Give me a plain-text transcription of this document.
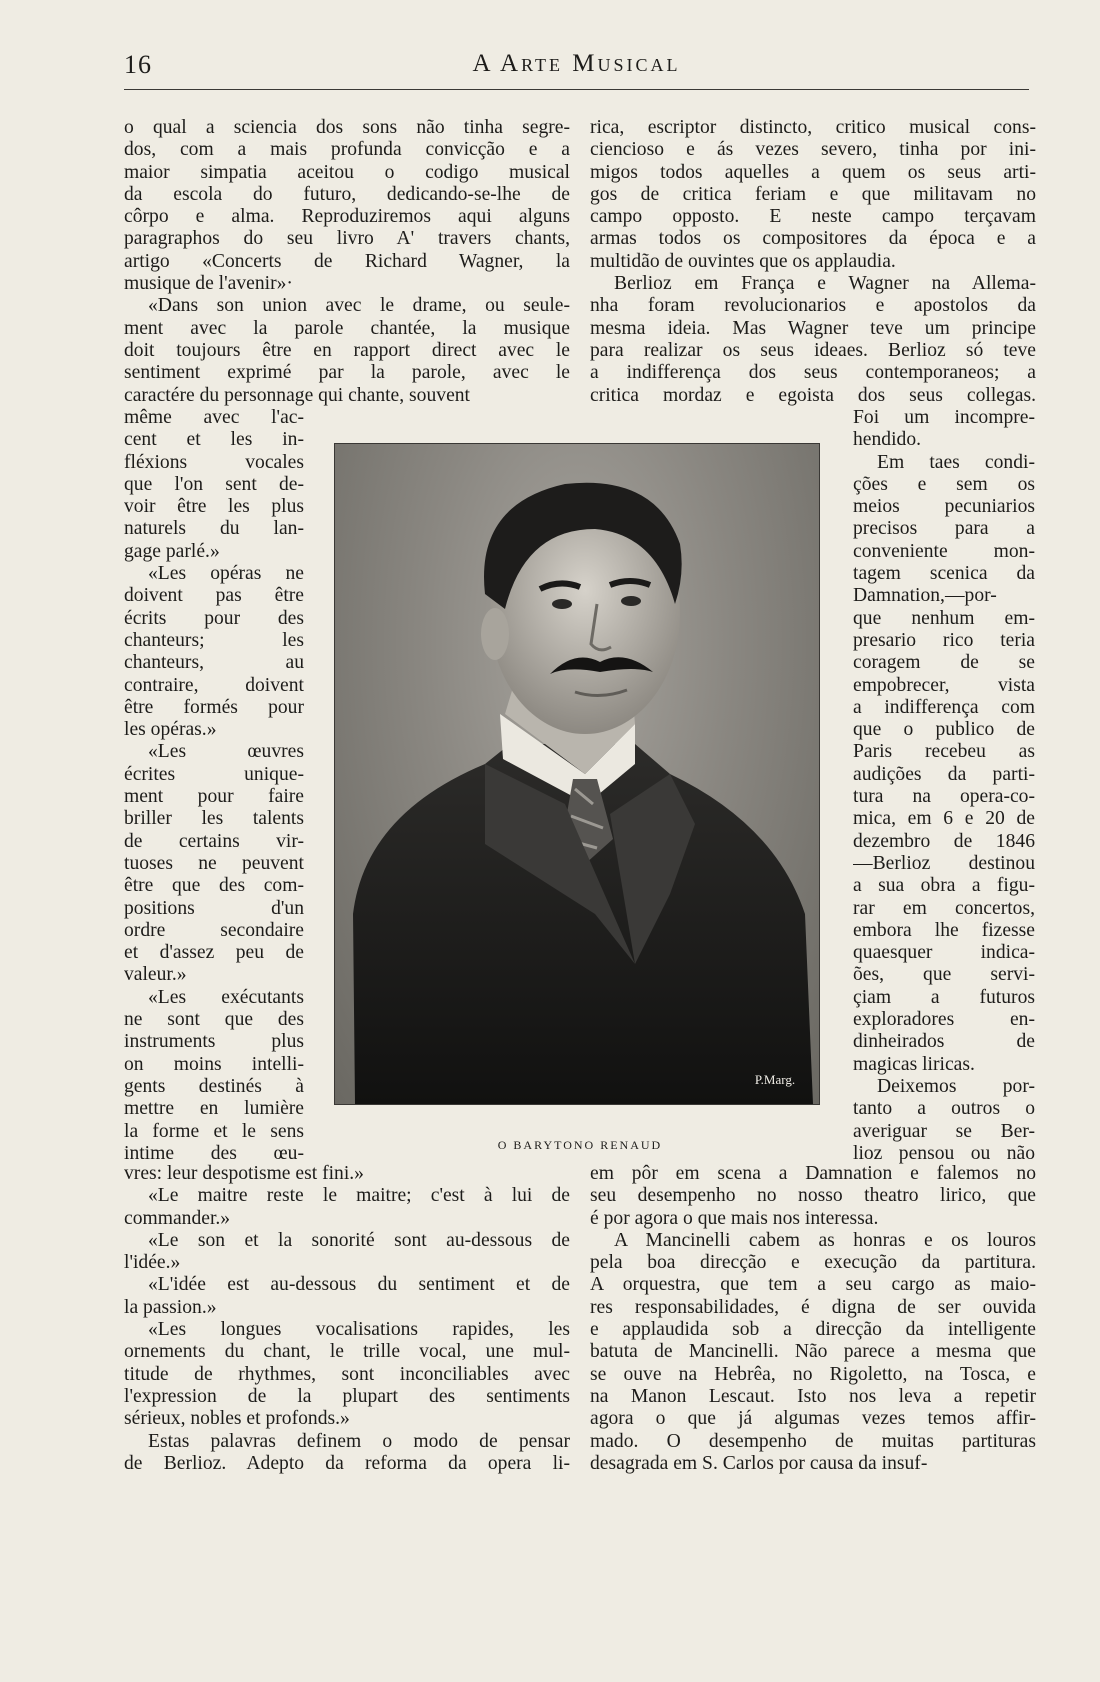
16	A Arte Musical
o qual a sciencia dos sons não tinha segre-
dos, com a mais profunda convicção e a
maior simpatia aceitou o codigo musical
da escola do futuro, dedicando-se-lhe de
côrpo e alma. Reproduziremos aqui alguns
paragraphos do seu livro A' travers chants,
artigo «Concerts de Richard Wagner, la
musique de l'avenir»·
«Dans son union avec le drame, ou seule-
ment avec la parole chantée, la musique
doit toujours être en rapport direct avec le
sentiment exprimé par la parole, avec le
caractére du personnage qui chante, souvent
même avec l'ac-
cent et les in-
fléxions vocales
que l'on sent de-
voir être les plus
naturels du lan-
gage parlé.»
«Les opéras ne
doivent pas être
écrits pour des
chanteurs; les
chanteurs, au
contraire, doivent
être formés pour
les opéras.»
«Les œuvres
écrites unique-
ment pour faire
briller les talents
de certains vir-
tuoses ne peuvent
être que des com-
positions d'un
ordre secondaire
et d'assez peu de
valeur.»
«Les exécutants
ne sont que des
instruments plus
on moins intelli-
gents destinés à
mettre en lumière
la forme et le sens
intime des œu-
vres: leur despotisme est fini.»
«Le maitre reste le maitre; c'est à lui de
commander.»
«Le son et la sonorité sont au-dessous de
l'idée.»
«L'idée est au-dessous du sentiment et de
la passion.»
«Les longues vocalisations rapides, les
ornements du chant, le trille vocal, une mul-
titude de rhythmes, sont inconciliables avec
l'expression de la plupart des sentiments
sérieux, nobles et profonds.»
Estas palavras definem o modo de pensar
de Berlioz. Adepto da reforma da opera li-
rica, escriptor distincto, critico musical cons-
ciencioso e ás vezes severo, tinha por ini-
migos todos aquelles a quem os seus arti-
gos de critica feriam e que militavam no
campo opposto. E neste campo terçavam
armas todos os compositores da época e a
multidão de ouvintes que os applaudia.
Berlioz em França e Wagner na Allema-
nha foram revolucionarios e apostolos da
mesma ideia. Mas Wagner teve um principe
para realizar os seus ideaes. Berlioz só teve
a indifferença dos seus contemporaneos; a
critica mordaz e egoista dos seus collegas.
Foi um incompre-
hendido.
Em taes condi-
ções e sem os
meios pecuniarios
precisos para a
conveniente mon-
tagem scenica da
Damnation,—por-
que nenhum em-
presario rico teria
coragem de se
empobrecer, vista
a indifferença com
que o publico de
Paris recebeu as
audições da parti-
tura na opera-co-
mica, em 6 e 20 de
dezembro de 1846
—Berlioz destinou
a sua obra a figu-
rar em concertos,
embora lhe fizesse
quaesquer indica-
ões, que servi-
çiam a futuros
exploradores en-
dinheirados de
magicas liricas.
Deixemos por-
tanto a outros o
averiguar se Ber-
lioz pensou ou não
em pôr em scena a Damnation e falemos no
seu desempenho no nosso theatro lirico, que
é por agora o que mais nos interessa.
A Mancinelli cabem as honras e os louros
pela boa direcção e execução da partitura.
A orquestra, que tem a seu cargo as maio-
res responsabilidades, é digna de ser ouvida
e applaudida sob a direcção da intelligente
batuta de Mancinelli. Não parece a mesma que
se ouve na Hebrêa, no Rigoletto, na Tosca, e
na Manon Lescaut. Isto nos leva a repetir
agora o que já algumas vezes temos affir-
mado. O desempenho de muitas partituras
desagrada em S. Carlos por causa da insuf-
P.Marg.
O BARYTONO RENAUD
